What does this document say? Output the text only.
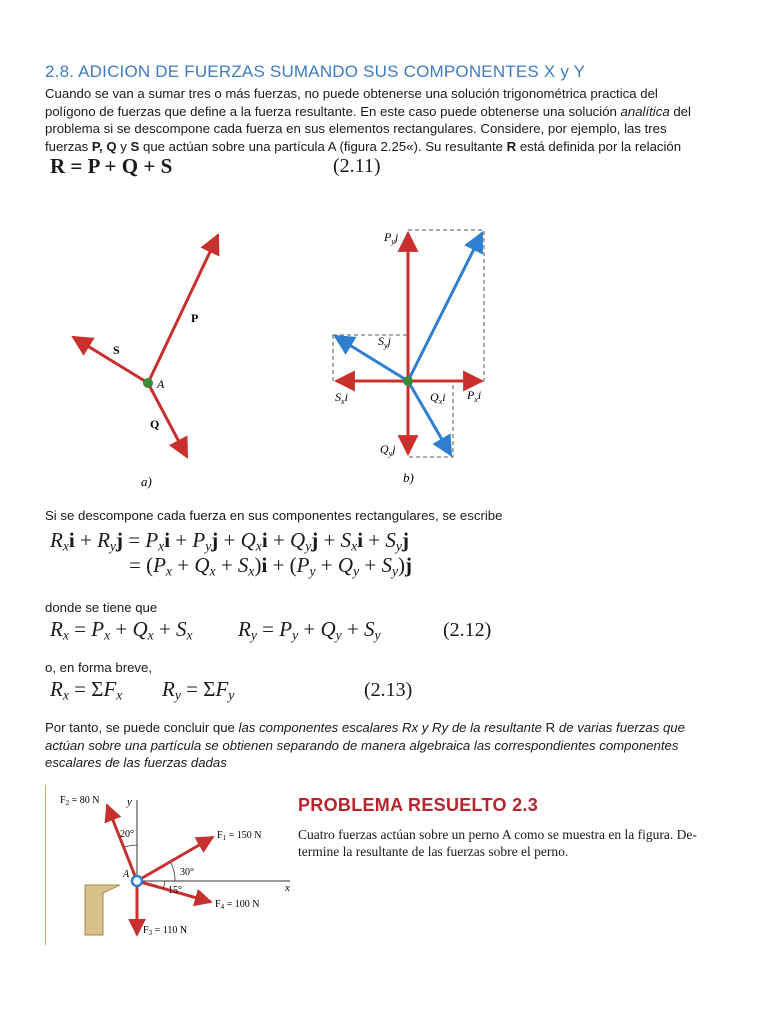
2.8. ADICION DE FUERZAS SUMANDO SUS COMPONENTES X y Y

Cuando se van a sumar tres o más fuerzas, no puede obtenerse una solución trigonométrica practica del
polígono de fuerzas que define a la fuerza resultante. En este caso puede obtenerse una solución analítica del
problema si se descompone cada fuerza en sus elementos rectangulares. Considere, por ejemplo, las tres
fuerzas P, Q y S que actúan sobre una partícula A (figura 2.25«). Su resultante R está definida por la relación

R = P + Q + S	(2.11)
P
S
Q
A
a)
$P_yj$
$S_yj$
$S_xi$	$Q_xi$ $P_xi$
$Q_yj$
b)

Si se descompone cada fuerza en sus componentes rectangulares, se escribe

$R_xi + R_yj = P_xi + P_yj + Q_xi + Q_yj + S_xi + S_yj$
= $(P_x + Q_x + S_x)i + (P_y + Q_y + S_y)j$

donde se tiene que

$R_x = P_x + Q_x + S_x$ $R_y = P_y + Q_y + S_y$	(2.12)

o, en forma breve,

$R_x = \Sigma F_x$ $R_y = \Sigma F_y$	(2.13)

Por tanto, se puede concluir que las componentes escalares Rx y Ry de la resultante R de varias fuerzas que
actúan sobre una partícula se obtienen separando de manera algebraica las correspondientes componentes
escalares de las fuerzas dadas

y
x
A	30°
20°
15°
$F_2 = 80$ N
$F_1 = 150$ N
$F_4 = 100$ N
$F_3 = 110$ N
PROBLEMA RESUELTO 2.3
Cuatro fuerzas actúan sobre un perno A como se muestra en la figura. De-
termine la resultante de las fuerzas sobre el perno.
